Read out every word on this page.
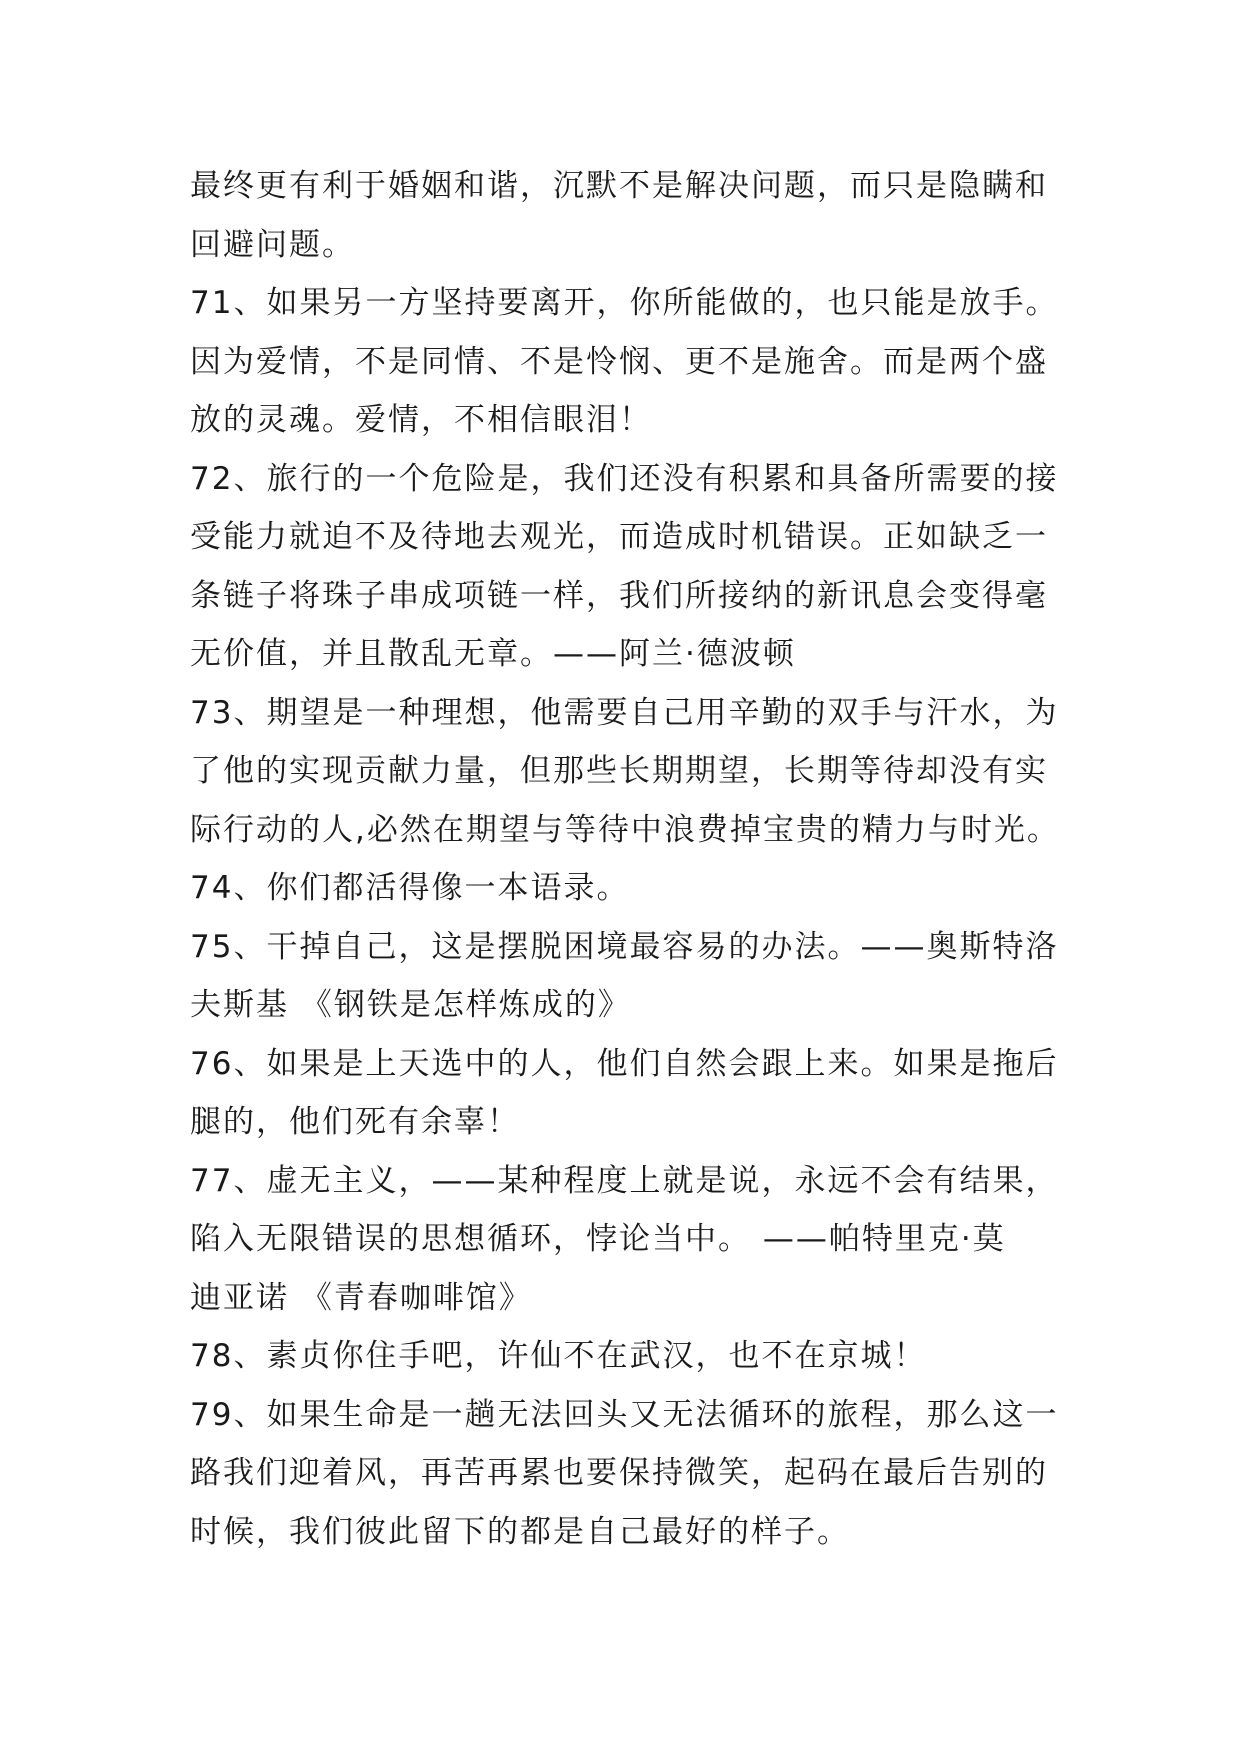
最终更有利于婚姻和谐，沉默不是解决问题，而只是隐瞒和
回避问题。
71、如果另一方坚持要离开，你所能做的，也只能是放手。
因为爱情，不是同情、不是怜悯、更不是施舍。而是两个盛
放的灵魂。爱情，不相信眼泪！
72、旅行的一个危险是，我们还没有积累和具备所需要的接
受能力就迫不及待地去观光，而造成时机错误。正如缺乏一
条链子将珠子串成项链一样，我们所接纳的新讯息会变得毫
无价值，并且散乱无章。——阿兰·德波顿
73、期望是一种理想，他需要自己用辛勤的双手与汗水，为
了他的实现贡献力量，但那些长期期望，长期等待却没有实
际行动的人,必然在期望与等待中浪费掉宝贵的精力与时光。
74、你们都活得像一本语录。
75、干掉自己，这是摆脱困境最容易的办法。——奥斯特洛
夫斯基 《钢铁是怎样炼成的》
76、如果是上天选中的人，他们自然会跟上来。如果是拖后
腿的，他们死有余辜！
77、虚无主义，——某种程度上就是说，永远不会有结果，
陷入无限错误的思想循环，悖论当中。 ——帕特里克·莫
迪亚诺 《青春咖啡馆》
78、素贞你住手吧，许仙不在武汉，也不在京城！
79、如果生命是一趟无法回头又无法循环的旅程，那么这一
路我们迎着风，再苦再累也要保持微笑，起码在最后告别的
时候，我们彼此留下的都是自己最好的样子。
